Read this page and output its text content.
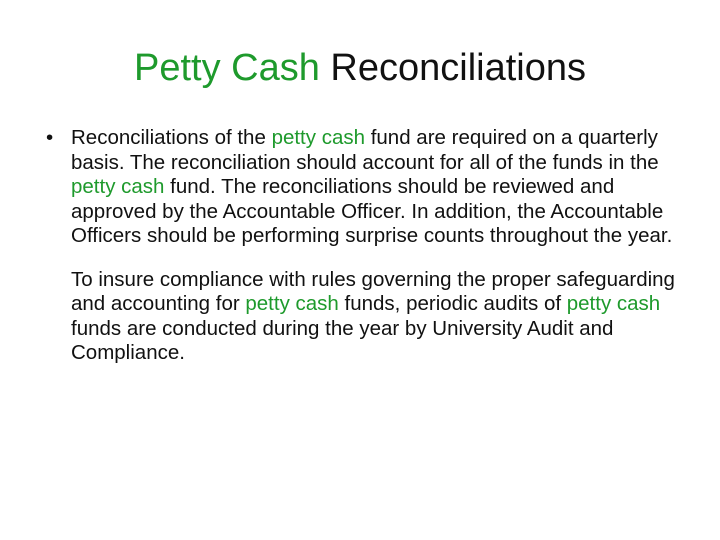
Petty Cash Reconciliations

• Reconciliations of the petty cash fund are required on a quarterly basis. The reconciliation should account for all of the funds in the petty cash fund. The reconciliations should be reviewed and approved by the Accountable Officer. In addition, the Accountable Officers should be performing surprise counts throughout the year.

To insure compliance with rules governing the proper safeguarding and accounting for petty cash funds, periodic audits of petty cash funds are conducted during the year by University Audit and Compliance.
